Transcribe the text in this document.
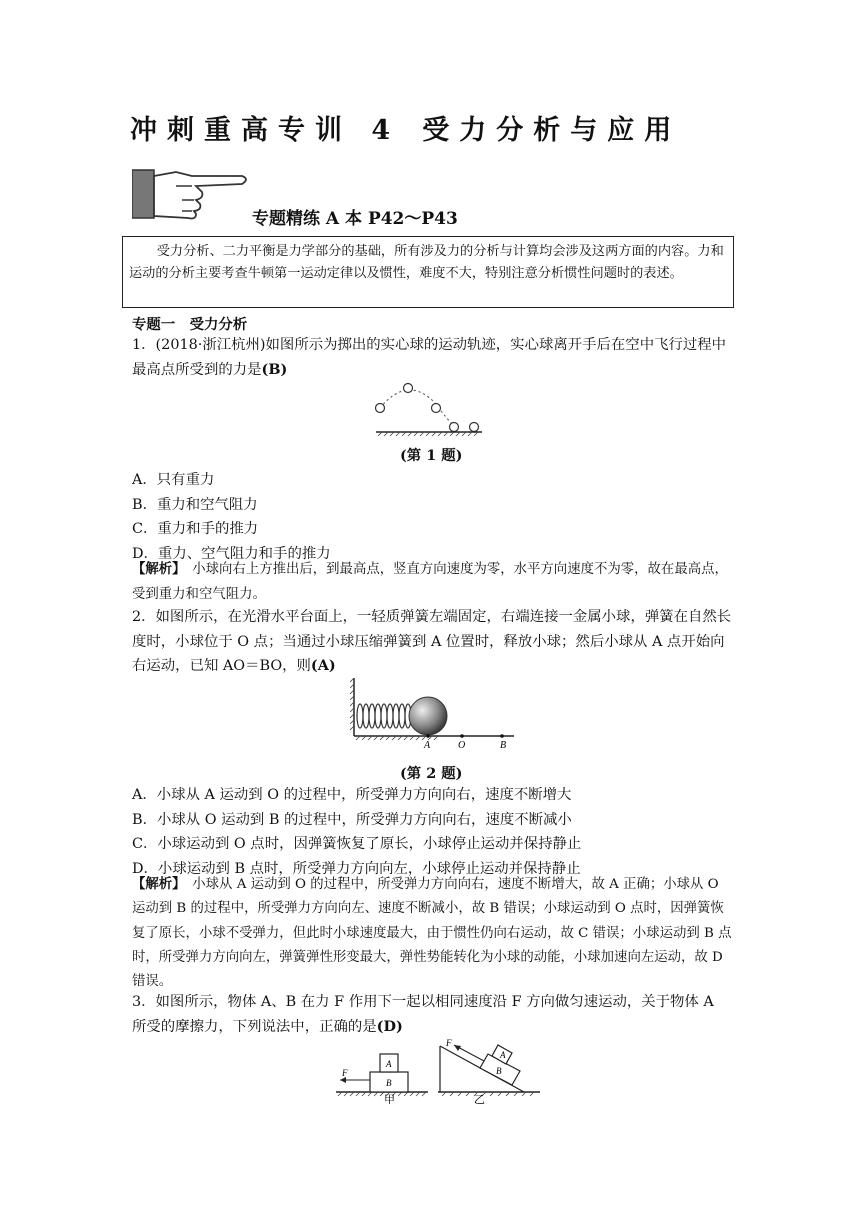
冲刺重高专训 4 受力分析与应用
专题精练 A 本 P42～P43

受力分析、二力平衡是力学部分的基础，所有涉及力的分析与计算均会涉及这两方面的内容。力和运动的分析主要考查牛顿第一运动定律以及惯性，难度不大，特别注意分析惯性问题时的表述。

专题一　受力分析

1．(2018·浙江杭州)如图所示为掷出的实心球的运动轨迹，实心球离开手后在空中飞行过程中最高点所受到的力是(B)

(第 1 题)

A．只有重力

B．重力和空气阻力

C．重力和手的推力

D．重力、空气阻力和手的推力

【解析】　 小球向右上方推出后，到最高点，竖直方向速度为零，水平方向速度不为零，故在最高点，受到重力和空气阻力。

2．如图所示，在光滑水平台面上，一轻质弹簧左端固定，右端连接一金属小球，弹簧在自然长度时，小球位于 O 点；当通过小球压缩弹簧到 A 位置时，释放小球；然后小球从 A 点开始向右运动，已知 AO＝BO，则(A)

A	O	B
(第 2 题)

A．小球从 A 运动到 O 的过程中，所受弹力方向向右，速度不断增大

B．小球从 O 运动到 B 的过程中，所受弹力方向向右，速度不断减小

C．小球运动到 O 点时，因弹簧恢复了原长，小球停止运动并保持静止

D．小球运动到 B 点时，所受弹力方向向左，小球停止运动并保持静止

【解析】　 小球从 A 运动到 O 的过程中，所受弹力方向向右，速度不断增大，故 A 正确；小球从 O 运动到 B 的过程中，所受弹力方向向左、速度不断减小，故 B 错误；小球运动到 O 点时，因弹簧恢复了原长，小球不受弹力，但此时小球速度最大，由于惯性仍向右运动，故 C 错误；小球运动到 B 点时，所受弹力方向向左，弹簧弹性形变最大，弹性势能转化为小球的动能，小球加速向左运动，故 D 错误。

3．如图所示，物体 A、B 在力 F 作用下一起以相同速度沿 F 方向做匀速运动，关于物体 A 所受的摩擦力，下列说法中，正确的是(D)

F
A
B
甲
F
A
B
乙
